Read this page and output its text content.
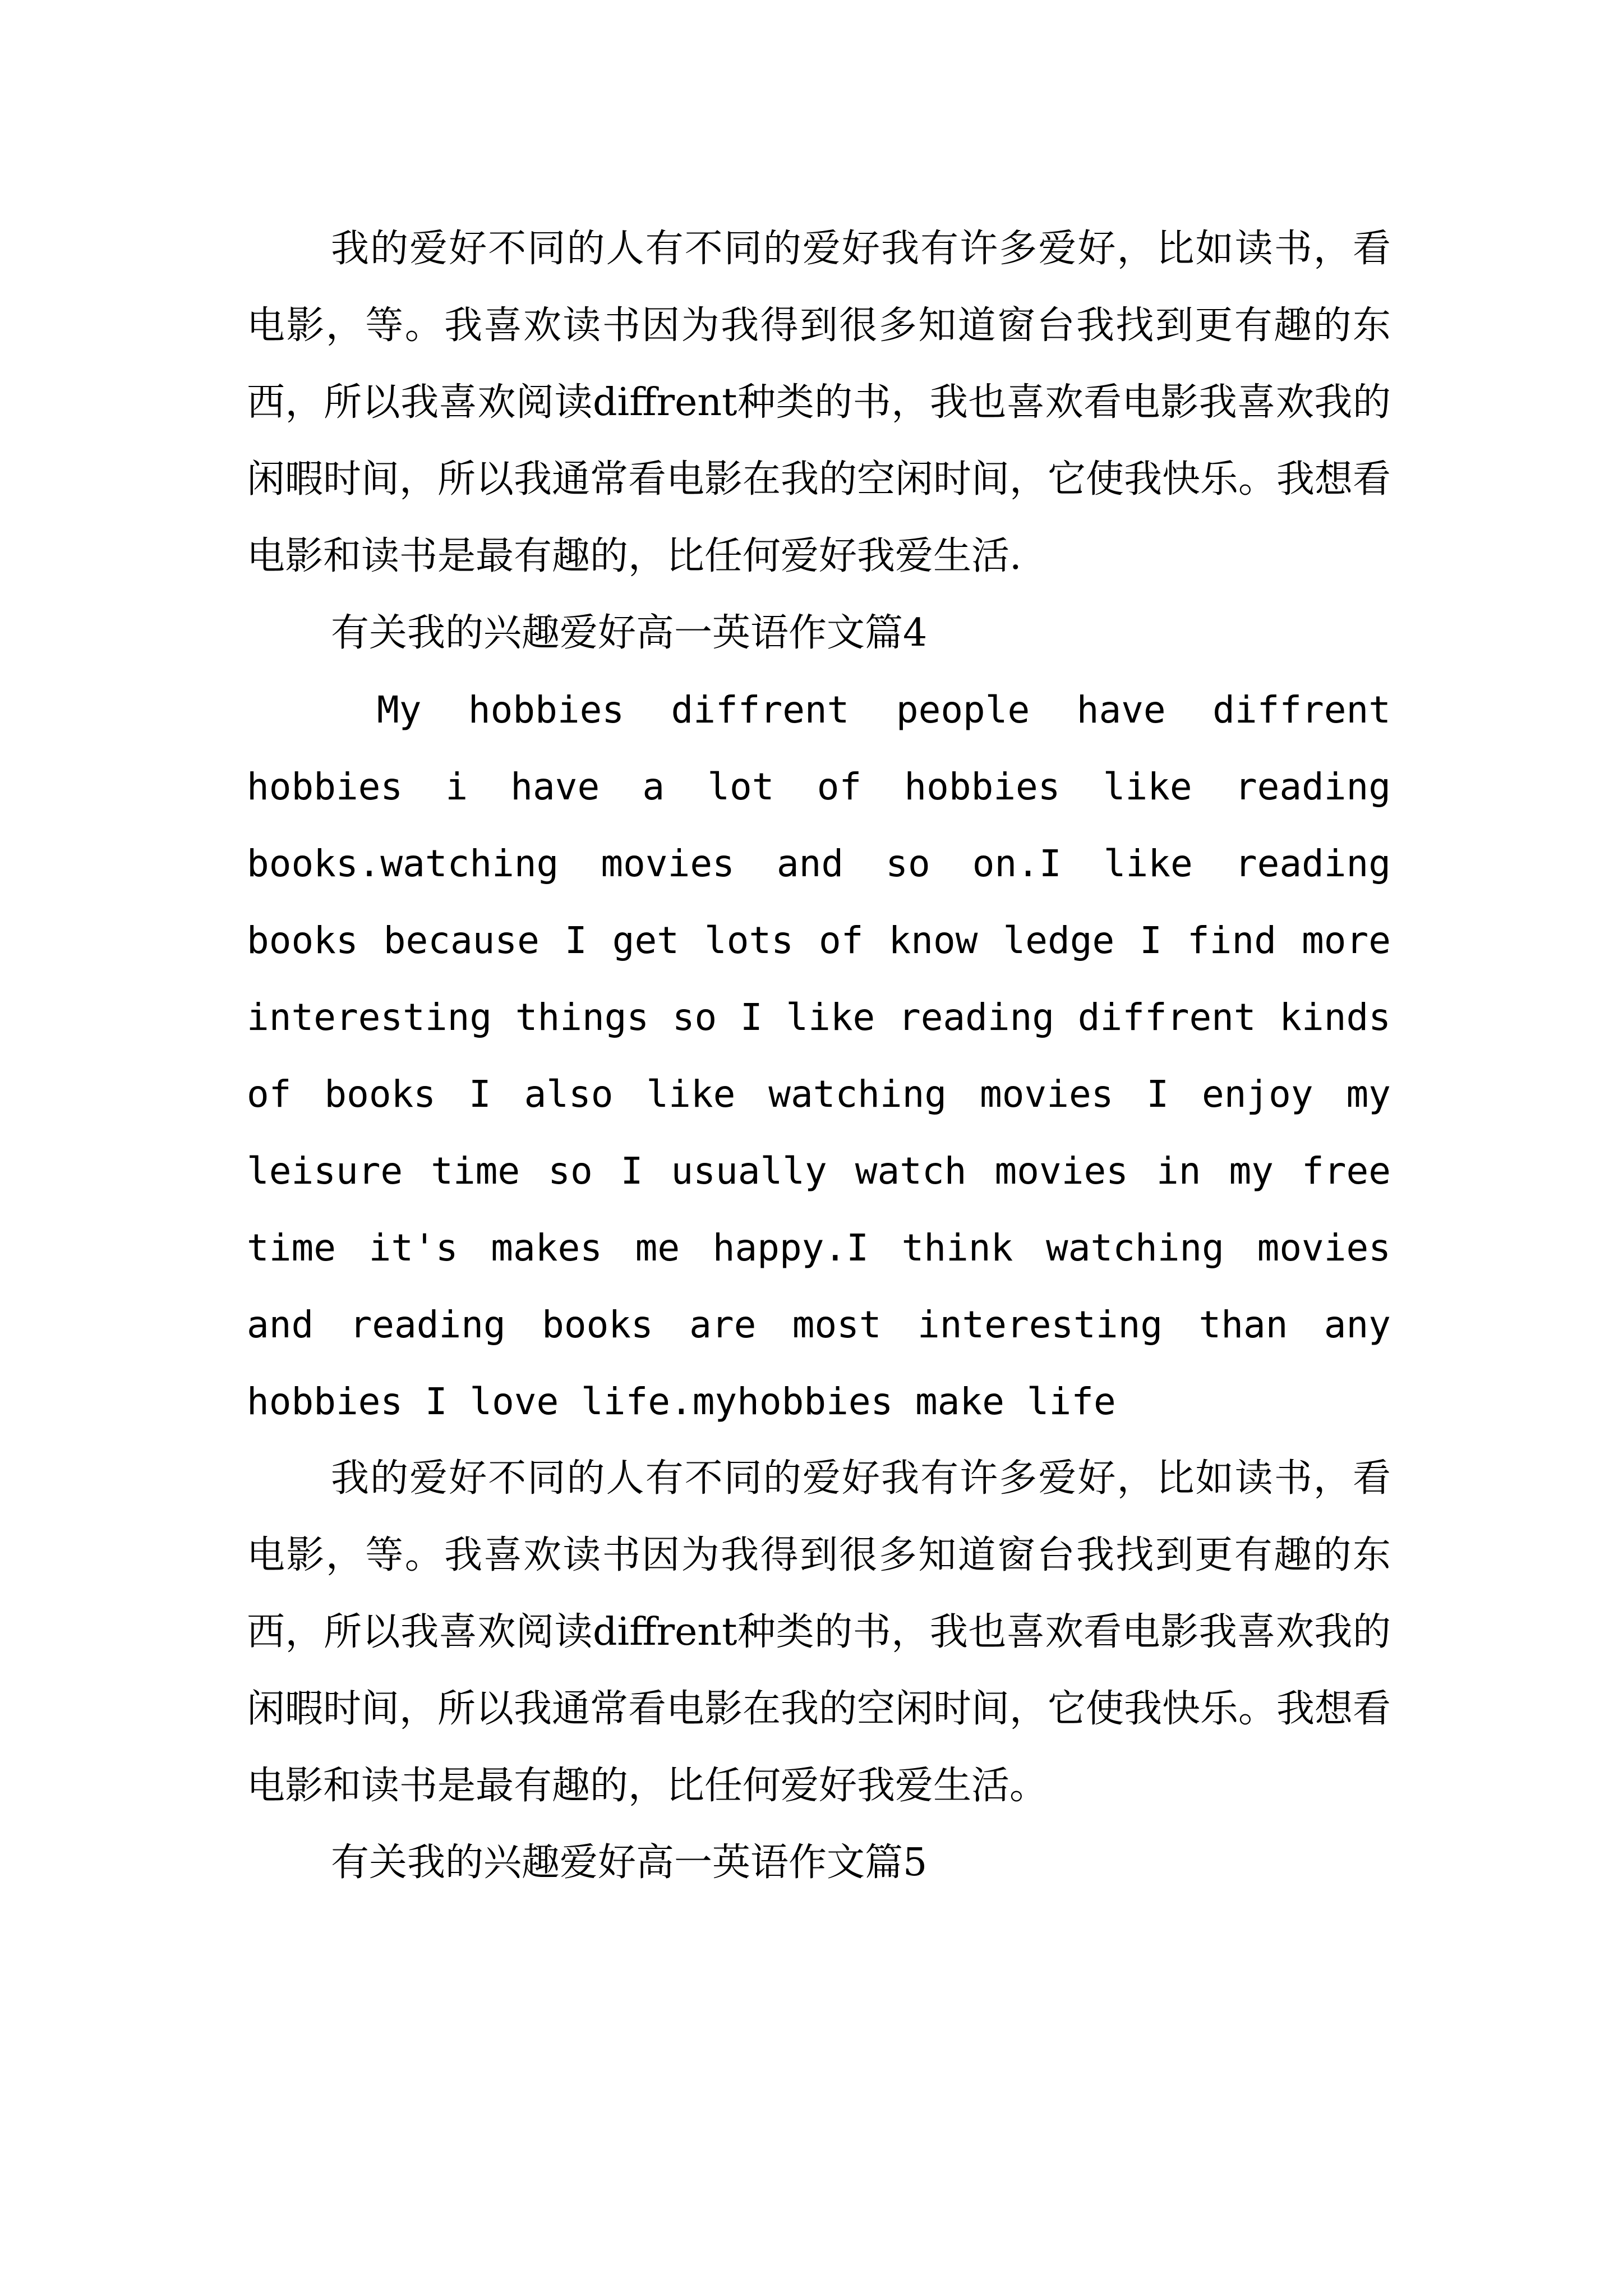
我的爱好不同的人有不同的爱好我有许多爱好，比如读书，看电影，等。我喜欢读书因为我得到很多知道窗台我找到更有趣的东西，所以我喜欢阅读diffrent种类的书，我也喜欢看电影我喜欢我的闲暇时间，所以我通常看电影在我的空闲时间，它使我快乐。我想看电影和读书是最有趣的，比任何爱好我爱生活.

有关我的兴趣爱好高一英语作文篇4

My hobbies diffrent people have diffrent hobbies i have a lot of hobbies like reading books.watching movies and so on.I like reading books because I get lots of know ledge I find more interesting things so I like reading diffrent kinds of books I also like watching movies I enjoy my leisure time so I usually watch movies in my free time it's makes me happy.I think watching movies and reading books are most interesting than any hobbies I love life.myhobbies make life

我的爱好不同的人有不同的爱好我有许多爱好，比如读书，看电影，等。我喜欢读书因为我得到很多知道窗台我找到更有趣的东西，所以我喜欢阅读diffrent种类的书，我也喜欢看电影我喜欢我的闲暇时间，所以我通常看电影在我的空闲时间，它使我快乐。我想看电影和读书是最有趣的，比任何爱好我爱生活。

有关我的兴趣爱好高一英语作文篇5
